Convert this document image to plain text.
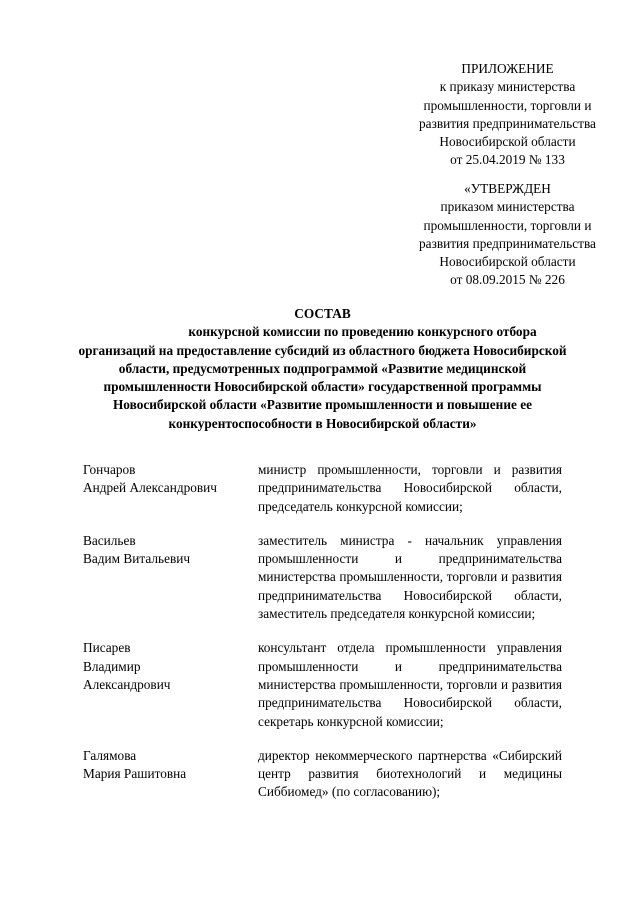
ПРИЛОЖЕНИЕ
к приказу министерства
промышленности, торговли и
развития предпринимательства
Новосибирской области
от 25.04.2019 № 133
«УТВЕРЖДЕН
приказом министерства
промышленности, торговли и
развития предпринимательства
Новосибирской области
от 08.09.2015 № 226
СОСТАВ
конкурсной комиссии по проведению конкурсного отбора организаций на предоставление субсидий из областного бюджета Новосибирской области, предусмотренных подпрограммой «Развитие медицинской промышленности Новосибирской области» государственной программы Новосибирской области «Развитие промышленности и повышение ее конкурентоспособности в Новосибирской области»
Гончаров
Андрей Александрович
министр промышленности, торговли и развития предпринимательства Новосибирской области, председатель конкурсной комиссии;
Васильев
Вадим Витальевич
заместитель министра - начальник управления промышленности и предпринимательства министерства промышленности, торговли и развития предпринимательства Новосибирской области, заместитель председателя конкурсной комиссии;
Писарев
Владимир
Александрович
консультант отдела промышленности управления промышленности и предпринимательства министерства промышленности, торговли и развития предпринимательства Новосибирской области, секретарь конкурсной комиссии;
Галямова
Мария Рашитовна
директор некоммерческого партнерства «Сибирский центр развития биотехнологий и медицины Сиббиомед» (по согласованию);
